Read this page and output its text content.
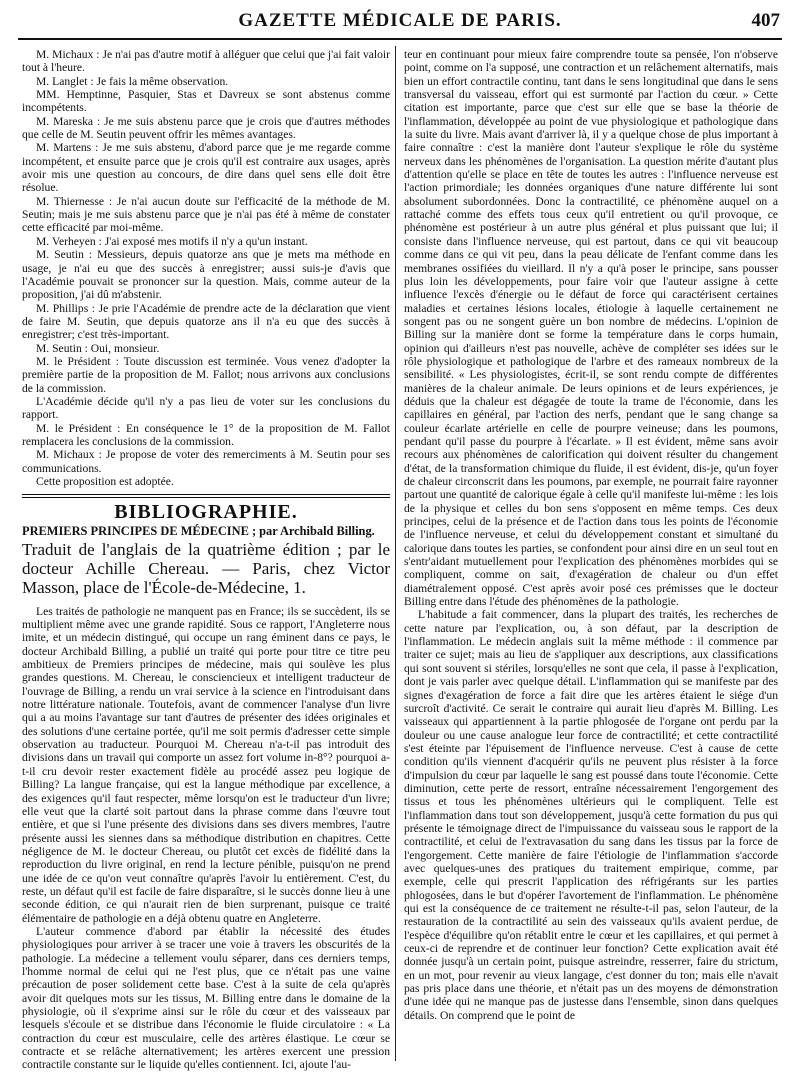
GAZETTE MÉDICALE DE PARIS.	407

M. Michaux : Je n'ai pas d'autre motif à alléguer que celui que j'ai fait valoir tout à l'heure.

M. Langlet : Je fais la même observation.

MM. Hemptinne, Pasquier, Stas et Davreux se sont abstenus comme incompétents.

M. Mareska : Je me suis abstenu parce que je crois que d'autres méthodes que celle de M. Seutin peuvent offrir les mêmes avantages.

M. Martens : Je me suis abstenu, d'abord parce que je me regarde comme incompétent, et ensuite parce que je crois qu'il est contraire aux usages, après avoir mis une question au concours, de dire dans quel sens elle doit être résolue.

M. Thiernesse : Je n'ai aucun doute sur l'efficacité de la méthode de M. Seutin; mais je me suis abstenu parce que je n'ai pas été à même de constater cette efficacité par moi-même.

M. Verheyen : J'ai exposé mes motifs il n'y a qu'un instant.

M. Seutin : Messieurs, depuis quatorze ans que je mets ma méthode en usage, je n'ai eu que des succès à enregistrer; aussi suis-je d'avis que l'Académie pouvait se prononcer sur la question. Mais, comme auteur de la proposition, j'ai dû m'abstenir.

M. Phillips : Je prie l'Académie de prendre acte de la déclaration que vient de faire M. Seutin, que depuis quatorze ans il n'a eu que des succès à enregistrer; c'est très-important.

M. Seutin : Oui, monsieur.

M. le Président : Toute discussion est terminée. Vous venez d'adopter la première partie de la proposition de M. Fallot; nous arrivons aux conclusions de la commission.

L'Académie décide qu'il n'y a pas lieu de voter sur les conclusions du rapport.

M. le Président : En conséquence le 1° de la proposition de M. Fallot remplacera les conclusions de la commission.

M. Michaux : Je propose de voter des remerciments à M. Seutin pour ses communications.

Cette proposition est adoptée.

BIBLIOGRAPHIE.
PREMIERS PRINCIPES DE MÉDECINE ; par Archibald Billing.
Traduit de l'anglais de la quatrième édition ; par le docteur Achille Chereau. — Paris, chez Victor Masson, place de l'École-de-Médecine, 1.

Les traités de pathologie ne manquent pas en France; ils se succèdent, ils se multiplient même avec une grande rapidité. Sous ce rapport, l'Angleterre nous imite, et un médecin distingué, qui occupe un rang éminent dans ce pays, le docteur Archibald Billing, a publié un traité qui porte pour titre ce titre peu ambitieux de Premiers principes de médecine, mais qui soulève les plus grandes questions. M. Chereau, le consciencieux et intelligent traducteur de l'ouvrage de Billing, a rendu un vrai service à la science en l'introduisant dans notre littérature nationale. Toutefois, avant de commencer l'analyse d'un livre qui a au moins l'avantage sur tant d'autres de présenter des idées originales et des solutions d'une certaine portée, qu'il me soit permis d'adresser cette simple observation au traducteur. Pourquoi M. Chereau n'a-t-il pas introduit des divisions dans un travail qui comporte un assez fort volume in-8°? pourquoi a-t-il cru devoir rester exactement fidèle au procédé assez peu logique de Billing? La langue française, qui est la langue méthodique par excellence, a des exigences qu'il faut respecter, même lorsqu'on est le traducteur d'un livre; elle veut que la clarté soit partout dans la phrase comme dans l'œuvre tout entière, et que si l'une présente des divisions dans ses divers membres, l'autre présente aussi les siennes dans sa méthodique distribution en chapitres. Cette négligence de M. le docteur Chereau, ou plutôt cet excès de fidélité dans la reproduction du livre original, en rend la lecture pénible, puisqu'on ne prend une idée de ce qu'on veut connaître qu'après l'avoir lu entièrement. C'est, du reste, un défaut qu'il est facile de faire disparaître, si le succès donne lieu à une seconde édition, ce qui n'aurait rien de bien surprenant, puisque ce traité élémentaire de pathologie en a déjà obtenu quatre en Angleterre.

L'auteur commence d'abord par établir la nécessité des études physiologiques pour arriver à se tracer une voie à travers les obscurités de la pathologie. La médecine a tellement voulu séparer, dans ces derniers temps, l'homme normal de celui qui ne l'est plus, que ce n'était pas une vaine précaution de poser solidement cette base. C'est à la suite de cela qu'après avoir dit quelques mots sur les tissus, M. Billing entre dans le domaine de la physiologie, où il s'exprime ainsi sur le rôle du cœur et des vaisseaux par lesquels s'écoule et se distribue dans l'économie le fluide circulatoire : « La contraction du cœur est musculaire, celle des artères élastique. Le cœur se contracte et se relâche alternativement; les artères exercent une pression contractile constante sur le liquide qu'elles contiennent. Ici, ajoute l'au-

teur en continuant pour mieux faire comprendre toute sa pensée, l'on n'observe point, comme on l'a supposé, une contraction et un relâchement alternatifs, mais bien un effort contractile continu, tant dans le sens longitudinal que dans le sens transversal du vaisseau, effort qui est surmonté par l'action du cœur. » Cette citation est importante, parce que c'est sur elle que se base la théorie de l'inflammation, développée au point de vue physiologique et pathologique dans la suite du livre. Mais avant d'arriver là, il y a quelque chose de plus important à faire connaître : c'est la manière dont l'auteur s'explique le rôle du système nerveux dans les phénomènes de l'organisation. La question mérite d'autant plus d'attention qu'elle se place en tête de toutes les autres : l'influence nerveuse est l'action primordiale; les données organiques d'une nature différente lui sont absolument subordonnées. Donc la contractilité, ce phénomène auquel on a rattaché comme des effets tous ceux qu'il entretient ou qu'il provoque, ce phénomène est postérieur à un autre plus général et plus puissant que lui; il consiste dans l'influence nerveuse, qui est partout, dans ce qui vit beaucoup comme dans ce qui vit peu, dans la peau délicate de l'enfant comme dans les membranes ossifiées du vieillard. Il n'y a qu'à poser le principe, sans pousser plus loin les développements, pour faire voir que l'auteur assigne à cette influence l'excès d'énergie ou le défaut de force qui caractérisent certaines maladies et certaines lésions locales, étiologie à laquelle certainement ne songent pas ou ne songent guère un bon nombre de médecins. L'opinion de Billing sur la manière dont se forme la température dans le corps humain, opinion qui d'ailleurs n'est pas nouvelle, achève de compléter ses idées sur le rôle physiologique et pathologique de l'arbre et des rameaux nombreux de la sensibilité. « Les physiologistes, écrit-il, se sont rendu compte de différentes manières de la chaleur animale. De leurs opinions et de leurs expériences, je déduis que la chaleur est dégagée de toute la trame de l'économie, dans les capillaires en général, par l'action des nerfs, pendant que le sang change sa couleur écarlate artérielle en celle de pourpre veineuse; dans les poumons, pendant qu'il passe du pourpre à l'écarlate. » Il est évident, même sans avoir recours aux phénomènes de calorification qui doivent résulter du changement d'état, de la transformation chimique du fluide, il est évident, dis-je, qu'un foyer de chaleur circonscrit dans les poumons, par exemple, ne pourrait faire rayonner partout une quantité de calorique égale à celle qu'il manifeste lui-même : les lois de la physique et celles du bon sens s'opposent en même temps. Ces deux principes, celui de la présence et de l'action dans tous les points de l'économie de l'influence nerveuse, et celui du développement constant et simultané du calorique dans toutes les parties, se confondent pour ainsi dire en un seul tout en s'entr'aidant mutuellement pour l'explication des phénomènes morbides qui se compliquent, comme on sait, d'exagération de chaleur ou d'un effet diamétralement opposé. C'est après avoir posé ces prémisses que le docteur Billing entre dans l'étude des phénomènes de la pathologie.

L'habitude a fait commencer, dans la plupart des traités, les recherches de cette nature par l'explication, ou, à son défaut, par la description de l'inflammation. Le médecin anglais suit la même méthode : il commence par traiter ce sujet; mais au lieu de s'appliquer aux descriptions, aux classifications qui sont souvent si stériles, lorsqu'elles ne sont que cela, il passe à l'explication, dont je vais parler avec quelque détail. L'inflammation qui se manifeste par des signes d'exagération de force a fait dire que les artères étaient le siége d'un surcroît d'activité. Ce serait le contraire qui aurait lieu d'après M. Billing. Les vaisseaux qui appartiennent à la partie phlogosée de l'organe ont perdu par la douleur ou une cause analogue leur force de contractilité; et cette contractilité s'est éteinte par l'épuisement de l'influence nerveuse. C'est à cause de cette condition qu'ils viennent d'acquérir qu'ils ne peuvent plus résister à la force d'impulsion du cœur par laquelle le sang est poussé dans toute l'économie. Cette diminution, cette perte de ressort, entraîne nécessairement l'engorgement des tissus et tous les phénomènes ultérieurs qui le compliquent. Telle est l'inflammation dans tout son développement, jusqu'à cette formation du pus qui présente le témoignage direct de l'impuissance du vaisseau sous le rapport de la contractilité, et celui de l'extravasation du sang dans les tissus par la force de l'engorgement. Cette manière de faire l'étiologie de l'inflammation s'accorde avec quelques-unes des pratiques du traitement empirique, comme, par exemple, celle qui prescrit l'application des réfrigérants sur les parties phlogosées, dans le but d'opérer l'avortement de l'inflammation. Le phénomène qui est la conséquence de ce traitement ne résulte-t-il pas, selon l'auteur, de la restauration de la contractilité au sein des vaisseaux qu'ils avaient perdue, de l'espèce d'équilibre qu'on rétablit entre le cœur et les capillaires, et qui permet à ceux-ci de reprendre et de continuer leur fonction? Cette explication avait été donnée jusqu'à un certain point, puisque astreindre, resserrer, faire du strictum, en un mot, pour revenir au vieux langage, c'est donner du ton; mais elle n'avait pas pris place dans une théorie, et n'était pas un des moyens de démonstration d'une idée qui ne manque pas de justesse dans l'ensemble, sinon dans quelques détails. On comprend que le point de
